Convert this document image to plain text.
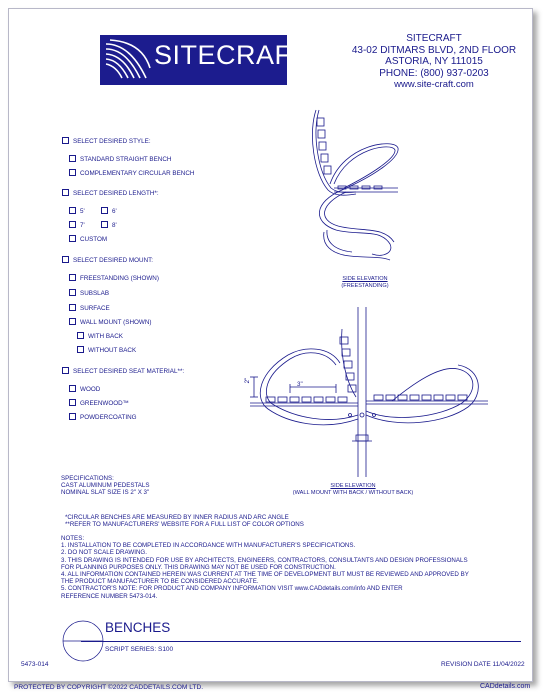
SITECRAFT
SITECRAFT
43-02 DITMARS BLVD, 2ND FLOOR
ASTORIA, NY 111015
PHONE: (800) 937-0203
www.site-craft.com
SELECT DESIRED STYLE:
STANDARD STRAIGHT BENCH
COMPLEMENTARY CIRCULAR BENCH
SELECT DESIRED LENGTH*:
5'	6'
7'	8'
CUSTOM
SELECT DESIRED MOUNT:
FREESTANDING (SHOWN)
SUBSLAB
SURFACE
WALL MOUNT (SHOWN)
WITH BACK
WITHOUT BACK
SELECT DESIRED SEAT MATERIAL**:
WOOD
GREENWOOD™
POWDERCOATING
SIDE ELEVATION
(FREESTANDING)
3"
2"
SIDE ELEVATION
(WALL MOUNT WITH BACK / WITHOUT BACK)
SPECIFICATIONS:
CAST ALUMINUM PEDESTALS
NOMINAL SLAT SIZE IS 2" X 3"
*CIRCULAR BENCHES ARE MEASURED BY INNER RADIUS AND ARC ANGLE
**REFER TO MANUFACTURERS' WEBSITE FOR A FULL LIST OF COLOR OPTIONS
NOTES:
1. INSTALLATION TO BE COMPLETED IN ACCORDANCE WITH MANUFACTURER'S SPECIFICATIONS.
2. DO NOT SCALE DRAWING.
3. THIS DRAWING IS INTENDED FOR USE BY ARCHITECTS, ENGINEERS, CONTRACTORS, CONSULTANTS AND DESIGN PROFESSIONALS
FOR PLANNING PURPOSES ONLY. THIS DRAWING MAY NOT BE USED FOR CONSTRUCTION.
4. ALL INFORMATION CONTAINED HEREIN WAS CURRENT AT THE TIME OF DEVELOPMENT BUT MUST BE REVIEWED AND APPROVED BY
THE PRODUCT MANUFACTURER TO BE CONSIDERED ACCURATE.
5. CONTRACTOR'S NOTE: FOR PRODUCT AND COMPANY INFORMATION VISIT www.CADdetails.com/info AND ENTER
REFERENCE NUMBER 5473-014.
BENCHES
SCRIPT SERIES: S100
5473-014	REVISION DATE 11/04/2022
PROTECTED BY COPYRIGHT ©2022 CADDETAILS.COM LTD.	CADdetails.com
